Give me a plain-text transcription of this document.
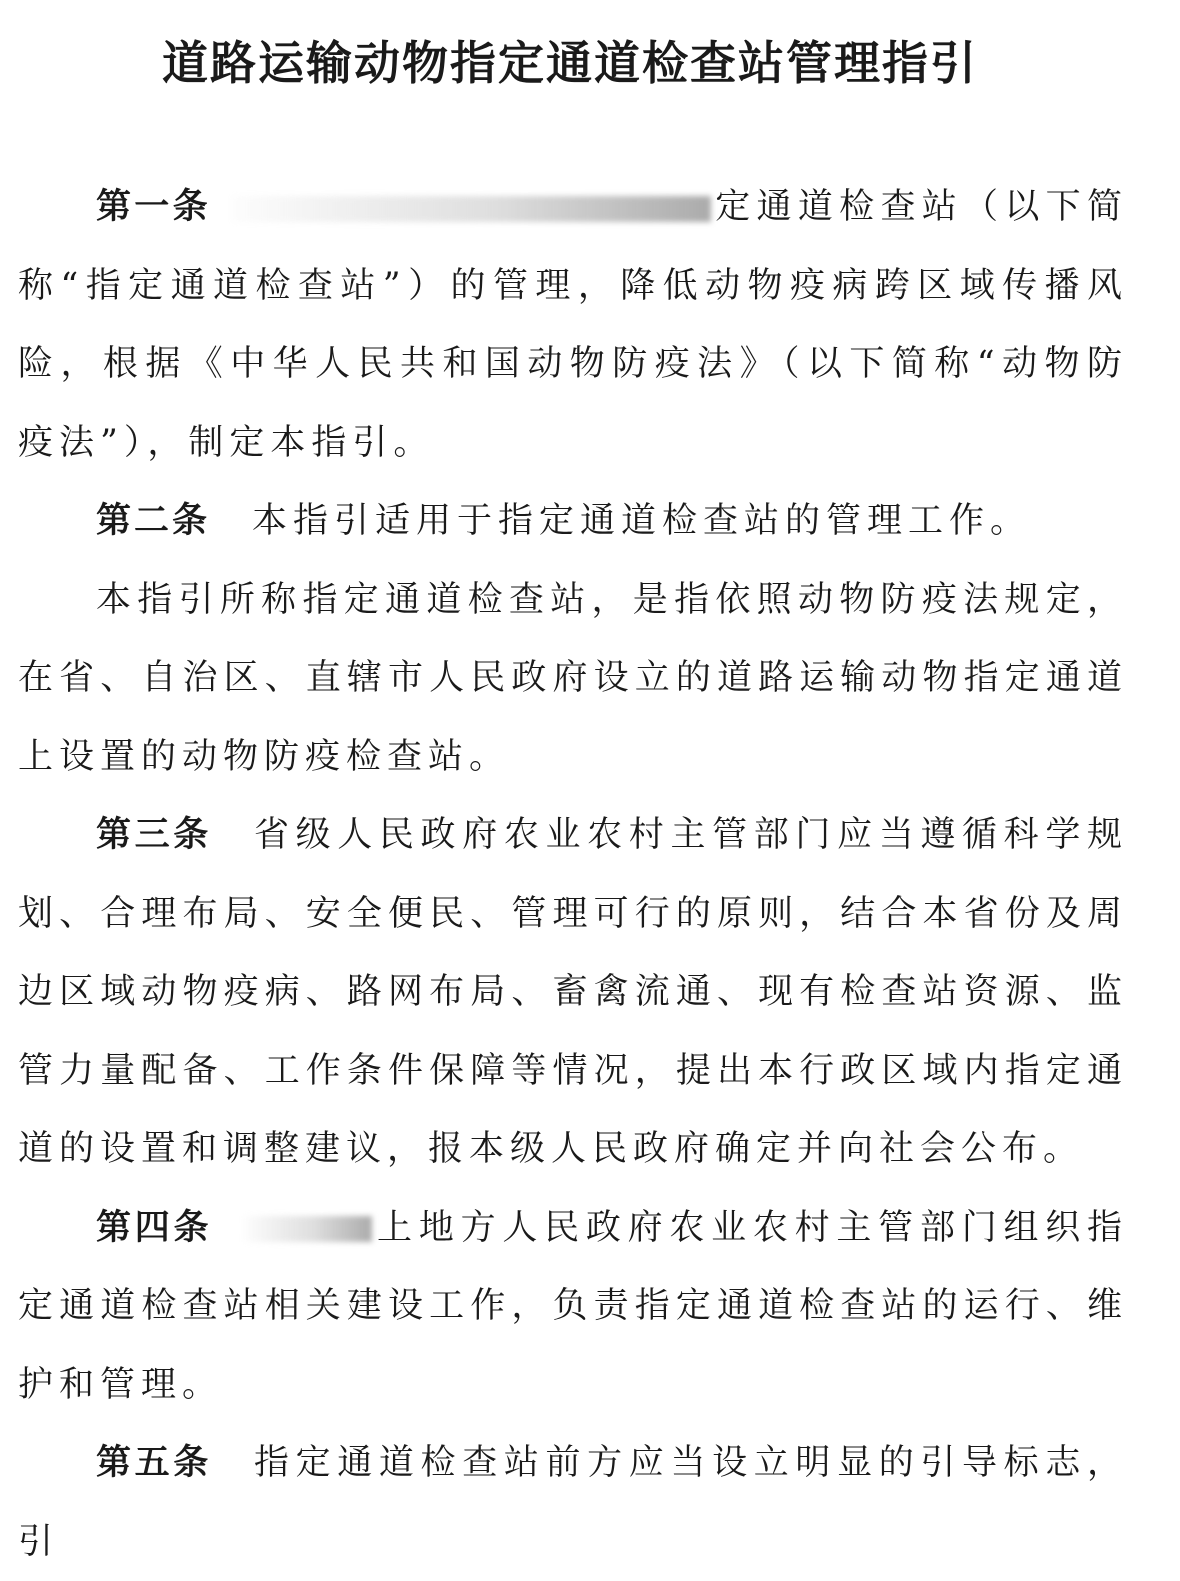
道路运输动物指定通道检查站管理指引

第一条	定通道检查站（以下简称“指定通道检查站”）的管理，降低动物疫病跨区域传播风险，根据《中华人民共和国动物防疫法》（以下简称“动物防疫法”），制定本指引。

第二条 本指引适用于指定通道检查站的管理工作。

本指引所称指定通道检查站，是指依照动物防疫法规定，在省、自治区、直辖市人民政府设立的道路运输动物指定通道上设置的动物防疫检查站。

第三条 省级人民政府农业农村主管部门应当遵循科学规划、合理布局、安全便民、管理可行的原则，结合本省份及周边区域动物疫病、路网布局、畜禽流通、现有检查站资源、监管力量配备、工作条件保障等情况，提出本行政区域内指定通道的设置和调整建议，报本级人民政府确定并向社会公布。

第四条	上地方人民政府农业农村主管部门组织指定通道检查站相关建设工作，负责指定通道检查站的运行、维护和管理。

第五条 指定通道检查站前方应当设立明显的引导标志，引
